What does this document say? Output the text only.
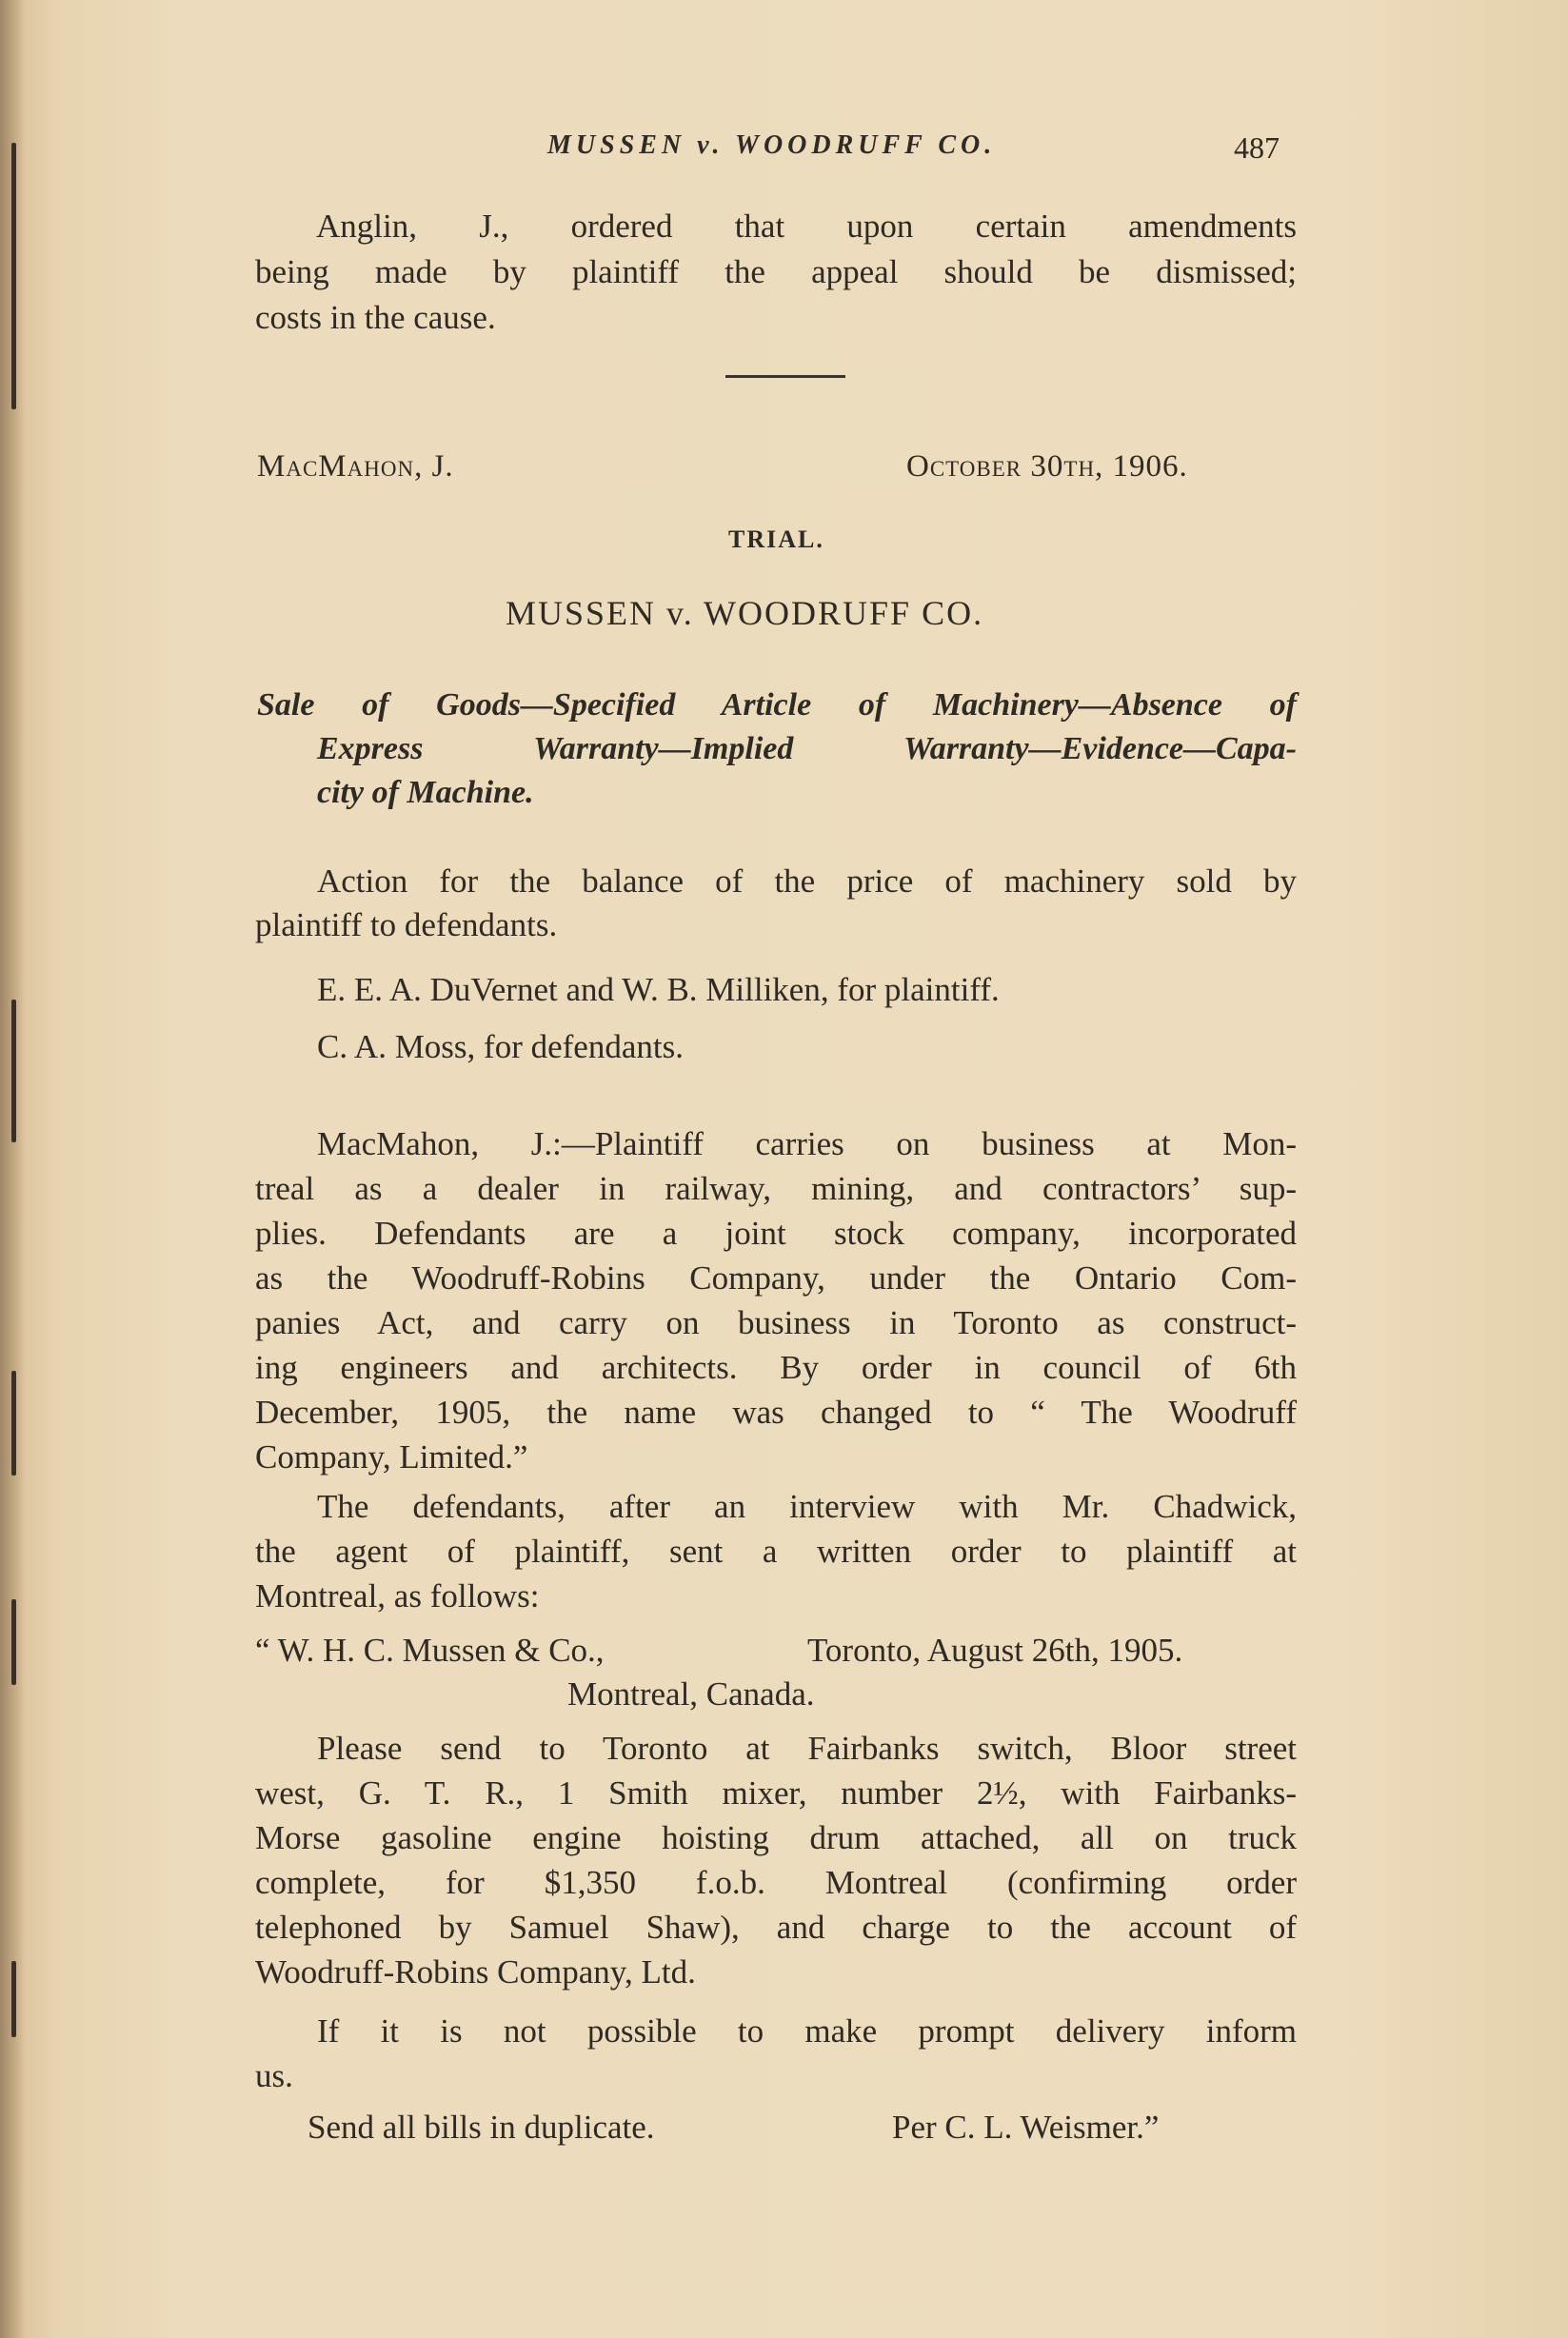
MUSSEN v. WOODRUFF CO.	487
Anglin, J., ordered that upon certain amendments
being made by plaintiff the appeal should be dismissed;
costs in the cause.
MacMahon, J.	October 30th, 1906.
TRIAL.
MUSSEN v. WOODRUFF CO.
Sale of Goods—Specified Article of Machinery—Absence of
Express Warranty—Implied Warranty—Evidence—Capa-
city of Machine.
Action for the balance of the price of machinery sold by
plaintiff to defendants.
E. E. A. DuVernet and W. B. Milliken, for plaintiff.
C. A. Moss, for defendants.
MacMahon, J.:—Plaintiff carries on business at Mon-
treal as a dealer in railway, mining, and contractors’ sup-
plies. Defendants are a joint stock company, incorporated
as the Woodruff-Robins Company, under the Ontario Com-
panies Act, and carry on business in Toronto as construct-
ing engineers and architects. By order in council of 6th
December, 1905, the name was changed to “ The Woodruff
Company, Limited.”
The defendants, after an interview with Mr. Chadwick,
the agent of plaintiff, sent a written order to plaintiff at
Montreal, as follows:
“ W. H. C. Mussen & Co.,	Toronto, August 26th, 1905.
Montreal, Canada.
Please send to Toronto at Fairbanks switch, Bloor street
west, G. T. R., 1 Smith mixer, number 2½, with Fairbanks-
Morse gasoline engine hoisting drum attached, all on truck
complete, for $1,350 f.o.b. Montreal (confirming order
telephoned by Samuel Shaw), and charge to the account of
Woodruff-Robins Company, Ltd.
If it is not possible to make prompt delivery inform
us.
Send all bills in duplicate.	Per C. L. Weismer.”
